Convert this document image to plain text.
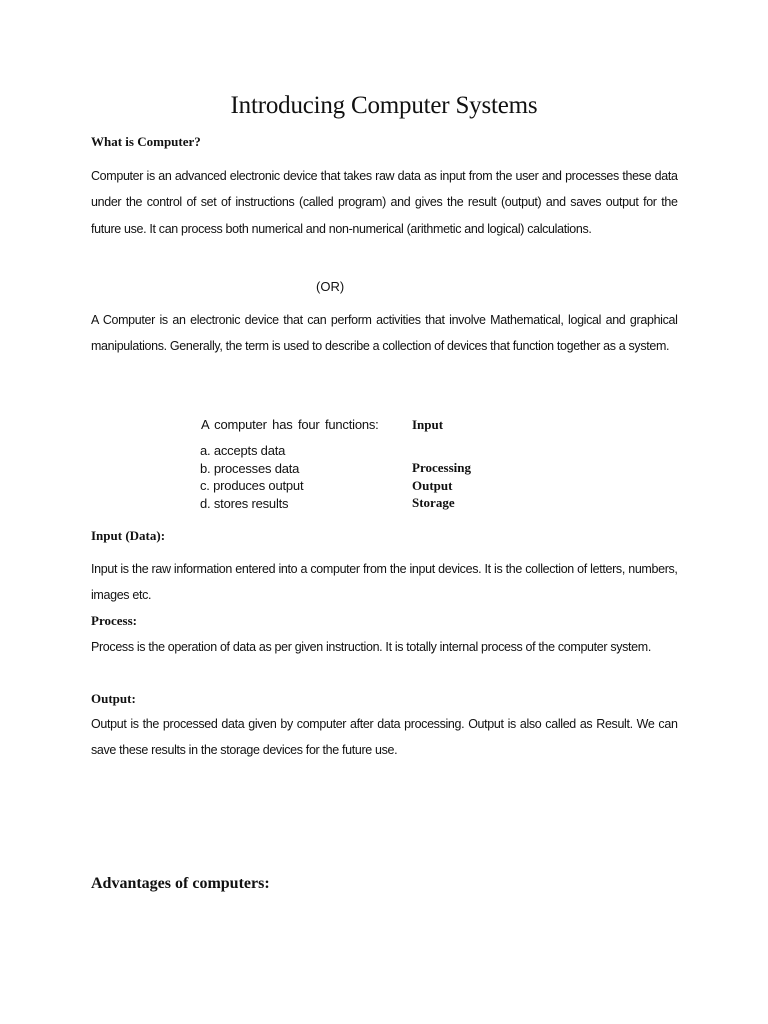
Introducing Computer Systems
What is Computer?
Computer is an advanced electronic device that takes raw data as input from the user and processes these data under the control of set of instructions (called program) and gives the result (output) and saves output for the future use. It can process both numerical and non-numerical (arithmetic and logical) calculations.
(OR)
A Computer is an electronic device that can perform activities that involve Mathematical, logical and graphical manipulations. Generally, the term is used to describe a collection of devices that function together as a system.
A computer has four functions:
a. accepts data
b. processes data
c. produces output
d. stores results
Input
Processing
Output
Storage
Input (Data):
Input is the raw information entered into a computer from the input devices. It is the collection of letters, numbers, images etc.
Process:
Process is the operation of data as per given instruction. It is totally internal process of the computer system.
Output:
Output is the processed data given by computer after data processing. Output is also called as Result. We can save these results in the storage devices for the future use.
Advantages of computers:
